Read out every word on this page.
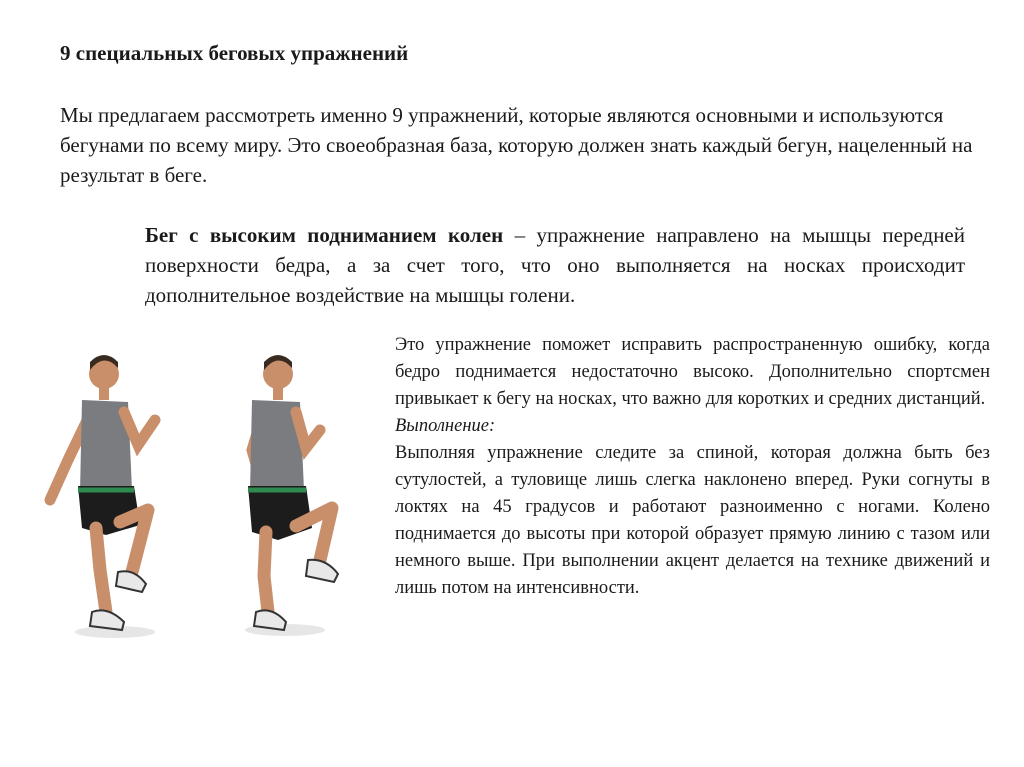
9 специальных беговых упражнений

Мы предлагаем рассмотреть именно 9 упражнений, которые являются основными и используются бегунами по всему миру. Это своеобразная база, которую должен знать каждый бегун, нацеленный на результат в беге.

Бег с высоким подниманием колен – упражнение направлено на мышцы передней поверхности бедра, а за счет того, что оно выполняется на носках происходит дополнительное воздействие на мышцы голени.

Это упражнение поможет исправить распространенную ошибку, когда бедро поднимается недостаточно высоко. Дополнительно спортсмен привыкает к бегу на носках, что важно для коротких и средних дистанций.

Выполнение:

Выполняя упражнение следите за спиной, которая должна быть без сутулостей, а туловище лишь слегка наклонено вперед. Руки согнуты в локтях на 45 градусов и работают разноименно с ногами. Колено поднимается до высоты при которой образует прямую линию с тазом или немного выше. При выполнении акцент делается на технике движений и лишь потом на интенсивности.
